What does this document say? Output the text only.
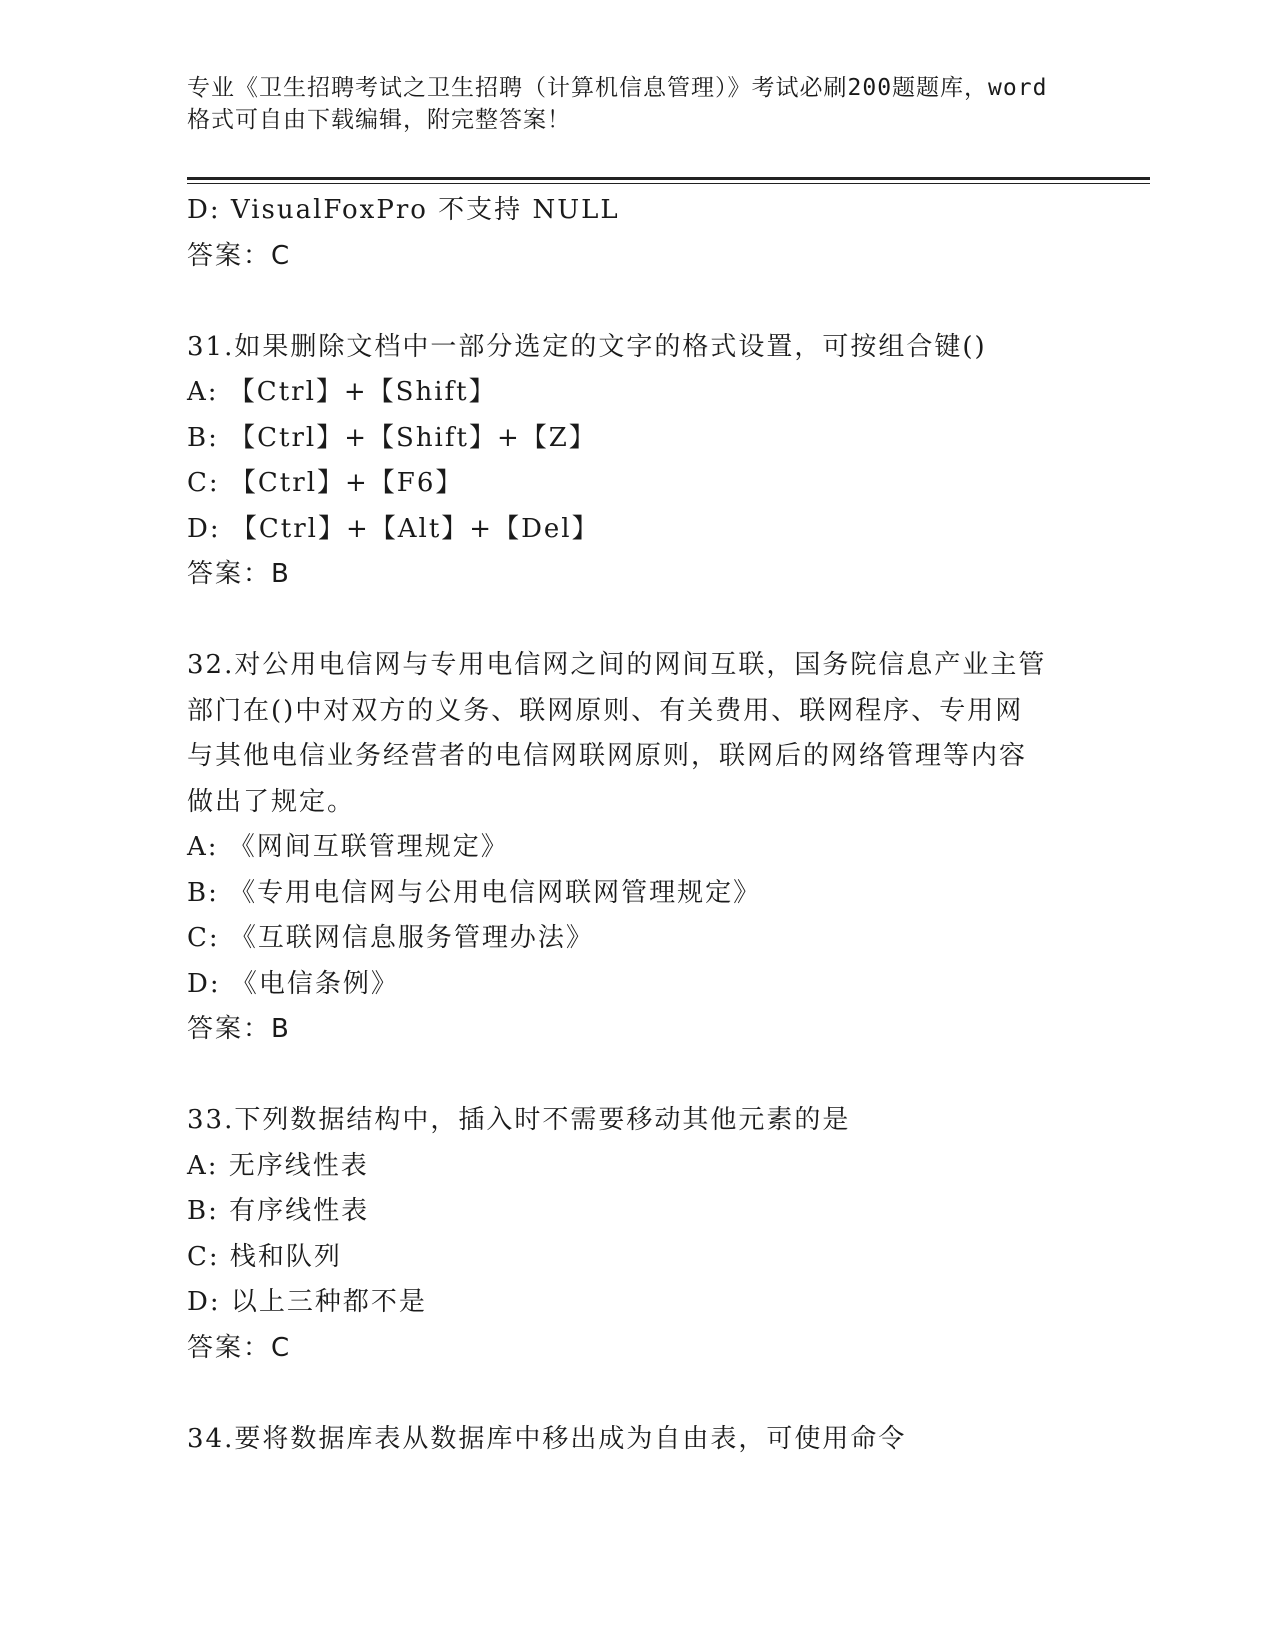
专业《卫生招聘考试之卫生招聘（计算机信息管理）》考试必刷200题题库，word
格式可自由下载编辑，附完整答案！
D: VisualFoxPro 不支持 NULL
答案：C
31.如果删除文档中一部分选定的文字的格式设置，可按组合键()
A: 【Ctrl】+【Shift】
B: 【Ctrl】+【Shift】+【Z】
C: 【Ctrl】+【F6】
D: 【Ctrl】+【Alt】+【Del】
答案：B
32.对公用电信网与专用电信网之间的网间互联，国务院信息产业主管
部门在()中对双方的义务、联网原则、有关费用、联网程序、专用网
与其他电信业务经营者的电信网联网原则，联网后的网络管理等内容
做出了规定。
A: 《网间互联管理规定》
B: 《专用电信网与公用电信网联网管理规定》
C: 《互联网信息服务管理办法》
D: 《电信条例》
答案：B
33.下列数据结构中，插入时不需要移动其他元素的是
A: 无序线性表
B: 有序线性表
C: 栈和队列
D: 以上三种都不是
答案：C
34.要将数据库表从数据库中移出成为自由表，可使用命令
